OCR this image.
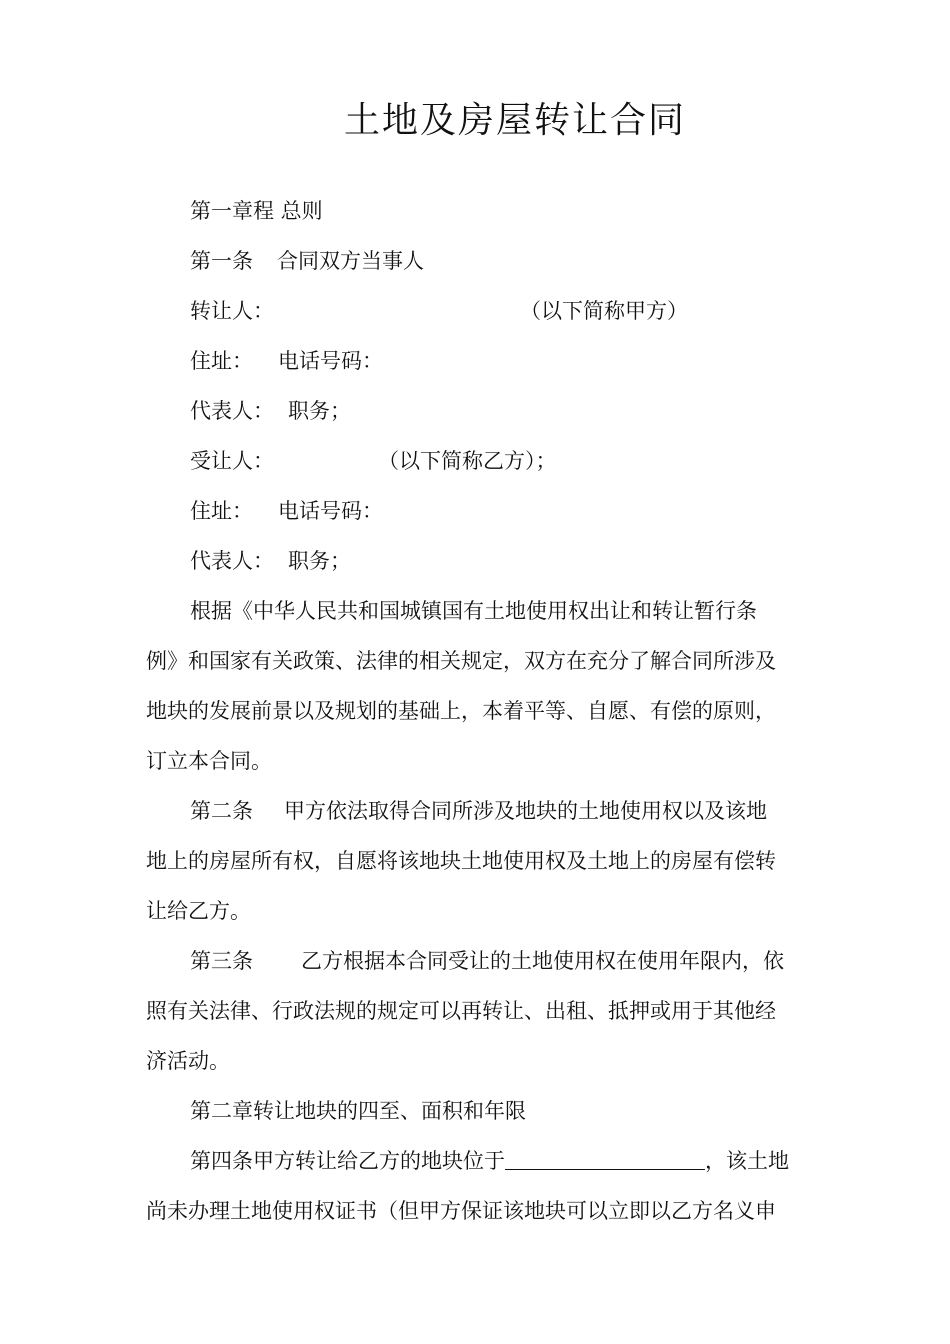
土地及房屋转让合同
第一章程 总则
第一条 合同双方当事人
转让人：	（以下简称甲方）
住址： 电话号码：
代表人： 职务；
受让人：	（以下简称乙方）；
住址： 电话号码：
代表人： 职务；
根据《中华人民共和国城镇国有土地使用权出让和转让暂行条
例》和国家有关政策、法律的相关规定，双方在充分了解合同所涉及
地块的发展前景以及规划的基础上，本着平等、自愿、有偿的原则，
订立本合同。
第二条 甲方依法取得合同所涉及地块的土地使用权以及该地
地上的房屋所有权，自愿将该地块土地使用权及土地上的房屋有偿转
让给乙方。
第三条 乙方根据本合同受让的土地使用权在使用年限内，依
照有关法律、行政法规的规定可以再转让、出租、抵押或用于其他经
济活动。
第二章转让地块的四至、面积和年限
第四条甲方转让给乙方的地块位于	，该土地
尚未办理土地使用权证书（但甲方保证该地块可以立即以乙方名义申
